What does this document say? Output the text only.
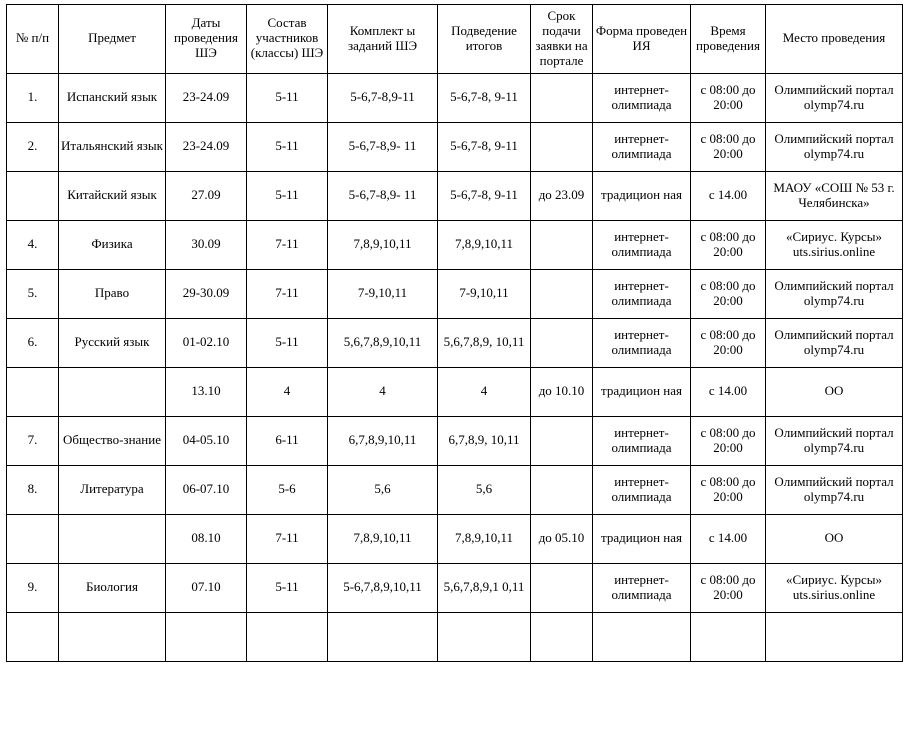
№ п/п	Предмет	Даты проведения ШЭ	Состав участников (классы) ШЭ	Комплект ы заданий ШЭ	Подведение итогов	Срок подачи заявки на портале	Форма проведен ИЯ	Время проведения	Место проведения
1.	Испанский язык	23-24.09	5-11	5-6,7-8,9-11	5-6,7-8, 9-11		интернет-олимпиада	с 08:00 до 20:00	Олимпийский портал olymp74.ru
2.	Итальянский язык	23-24.09	5-11	5-6,7-8,9- 11	5-6,7-8, 9-11		интернет-олимпиада	с 08:00 до 20:00	Олимпийский портал olymp74.ru
	Китайский язык	27.09	5-11	5-6,7-8,9- 11	5-6,7-8, 9-11	до 23.09	традицион ная	с 14.00	МАОУ «СОШ № 53 г. Челябинска»
4.	Физика	30.09	7-11	7,8,9,10,11	7,8,9,10,11		интернет-олимпиада	с 08:00 до 20:00	«Сириус. Курсы» uts.sirius.online
5.	Право	29-30.09	7-11	7-9,10,11	7-9,10,11		интернет-олимпиада	с 08:00 до 20:00	Олимпийский портал olymp74.ru
6.	Русский язык	01-02.10	5-11	5,6,7,8,9,10,11	5,6,7,8,9, 10,11		интернет-олимпиада	с 08:00 до 20:00	Олимпийский портал olymp74.ru
		13.10	4	4	4	до 10.10	традицион ная	с 14.00	ОО
7.	Общество-знание	04-05.10	6-11	6,7,8,9,10,11	6,7,8,9, 10,11		интернет-олимпиада	с 08:00 до 20:00	Олимпийский портал olymp74.ru
8.	Литература	06-07.10	5-6	5,6	5,6		интернет-олимпиада	с 08:00 до 20:00	Олимпийский портал olymp74.ru
		08.10	7-11	7,8,9,10,11	7,8,9,10,11	до 05.10	традицион ная	с 14.00	ОО
9.	Биология	07.10	5-11	5-6,7,8,9,10,11	5,6,7,8,9,1 0,11		интернет-олимпиада	с 08:00 до 20:00	«Сириус. Курсы» uts.sirius.online
